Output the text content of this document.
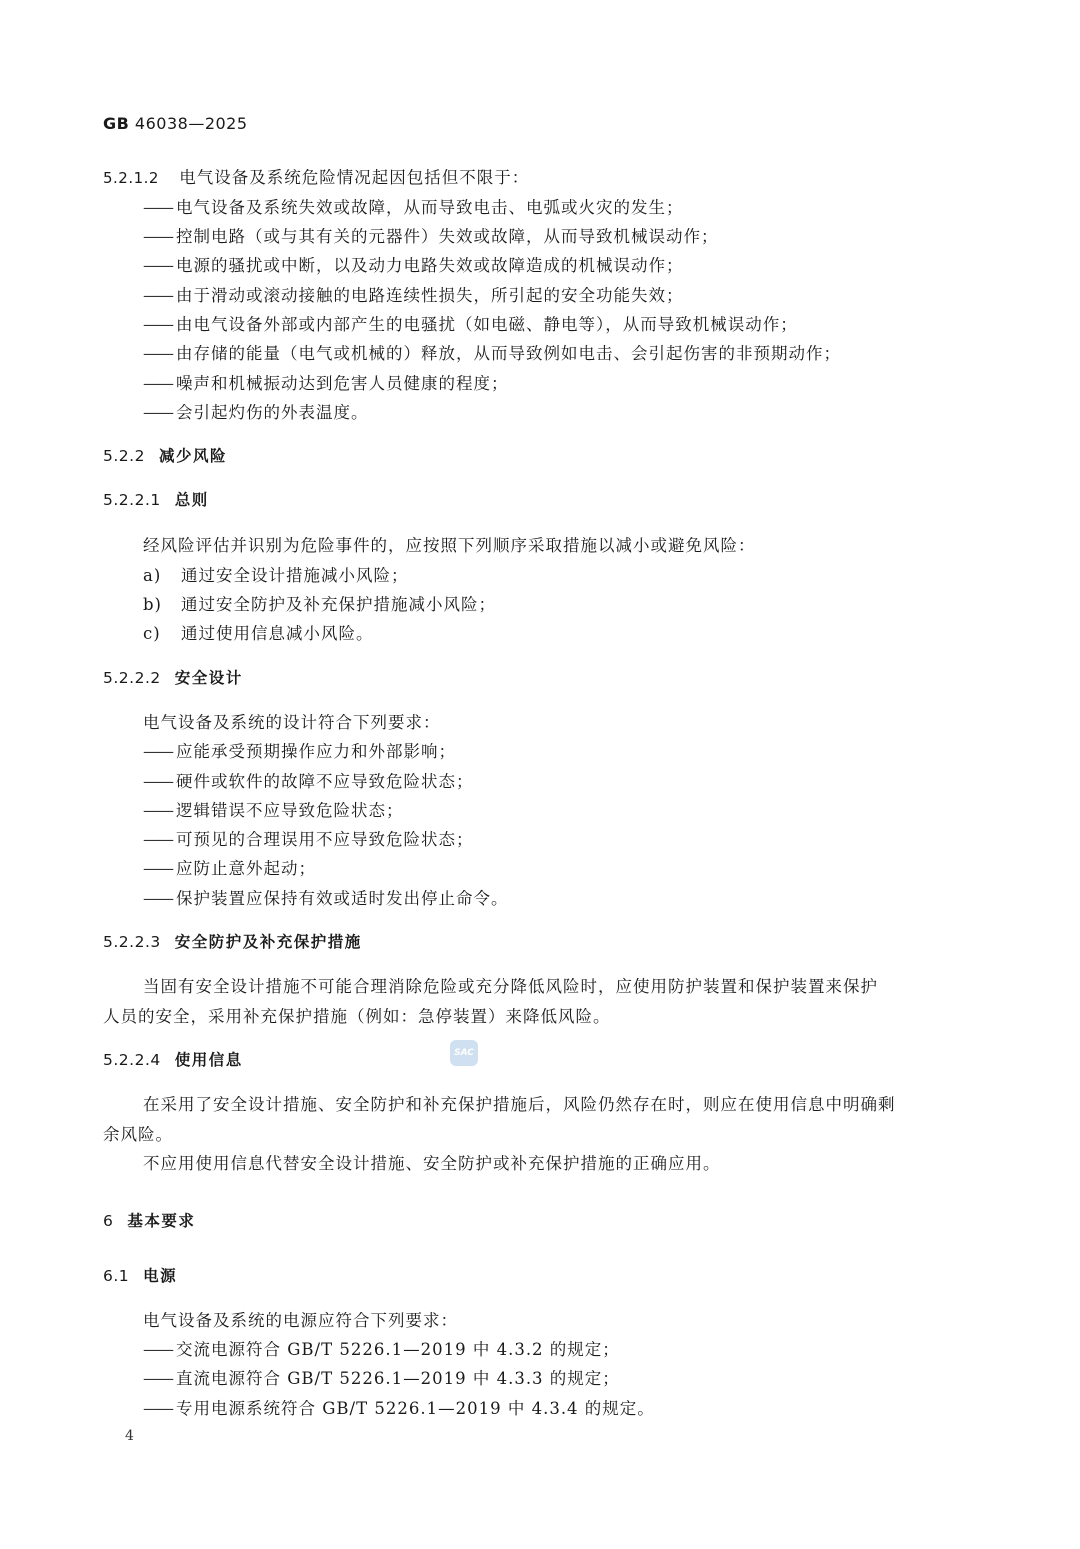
GB 46038—2025
5.2.1.2 电气设备及系统危险情况起因包括但不限于：
—— 电气设备及系统失效或故障，从而导致电击、电弧或火灾的发生；
—— 控制电路（或与其有关的元器件）失效或故障，从而导致机械误动作；
—— 电源的骚扰或中断，以及动力电路失效或故障造成的机械误动作；
—— 由于滑动或滚动接触的电路连续性损失，所引起的安全功能失效；
—— 由电气设备外部或内部产生的电骚扰（如电磁、静电等），从而导致机械误动作；
—— 由存储的能量（电气或机械的）释放，从而导致例如电击、会引起伤害的非预期动作；
—— 噪声和机械振动达到危害人员健康的程度；
—— 会引起灼伤的外表温度。
5.2.2 减少风险
5.2.2.1 总则
经风险评估并识别为危险事件的，应按照下列顺序采取措施以减小或避免风险：
a) 通过安全设计措施减小风险；
b) 通过安全防护及补充保护措施减小风险；
c) 通过使用信息减小风险。
5.2.2.2 安全设计
电气设备及系统的设计符合下列要求：
—— 应能承受预期操作应力和外部影响；
—— 硬件或软件的故障不应导致危险状态；
—— 逻辑错误不应导致危险状态；
—— 可预见的合理误用不应导致危险状态；
—— 应防止意外起动；
—— 保护装置应保持有效或适时发出停止命令。
5.2.2.3 安全防护及补充保护措施
当固有安全设计措施不可能合理消除危险或充分降低风险时，应使用防护装置和保护装置来保护
人员的安全，采用补充保护措施（例如：急停装置）来降低风险。
5.2.2.4 使用信息	SAC
在采用了安全设计措施、安全防护和补充保护措施后，风险仍然存在时，则应在使用信息中明确剩
余风险。
不应用使用信息代替安全设计措施、安全防护或补充保护措施的正确应用。
6 基本要求
6.1 电源
电气设备及系统的电源应符合下列要求：
—— 交流电源符合 GB/T 5226.1—2019 中 4.3.2 的规定；
—— 直流电源符合 GB/T 5226.1—2019 中 4.3.3 的规定；
—— 专用电源系统符合 GB/T 5226.1—2019 中 4.3.4 的规定。
4
